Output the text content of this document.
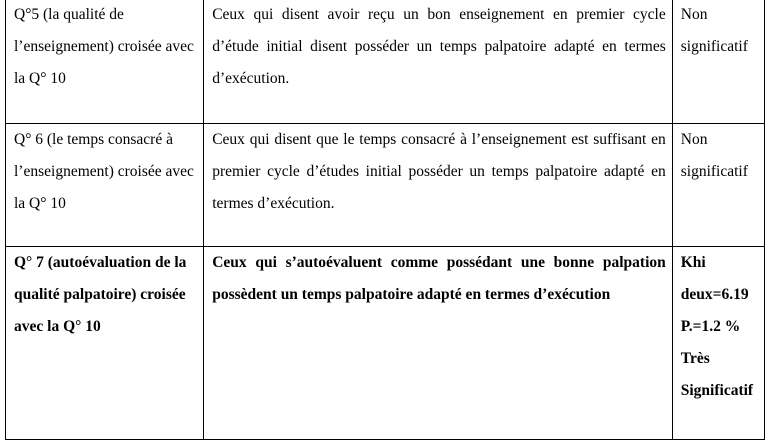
Q°5 (la qualité de l’enseignement) croisée avec la Q° 10	Ceux qui disent avoir reçu un bon enseignement en premier cycle d’étude initial disent posséder un temps palpatoire adapté en termes d’exécution.	Non significatif

Q° 6 (le temps consacré à l’enseignement) croisée avec la Q° 10	Ceux qui disent que le temps consacré à l’enseignement est suffisant en premier cycle d’études initial posséder un temps palpatoire adapté en termes d’exécution.	Non significatif

Q° 7 (autoévaluation de la qualité palpatoire) croisée avec la Q° 10	Ceux qui s’autoévaluent comme possédant une bonne palpation possèdent un temps palpatoire adapté en termes d’exécution	Khi deux=6.19 P.=1.2 % Très Significatif
